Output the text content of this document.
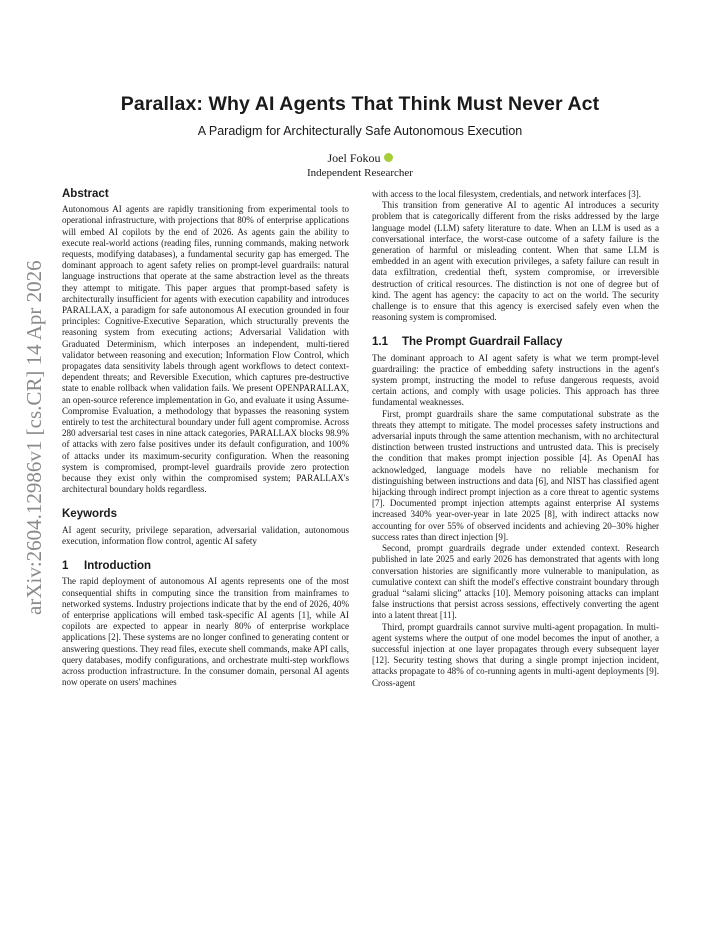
arXiv:2604.12986v1 [cs.CR] 14 Apr 2026
Parallax: Why AI Agents That Think Must Never Act
A Paradigm for Architecturally Safe Autonomous Execution
Joel Fokou
Independent Researcher
Abstract

Autonomous AI agents are rapidly transitioning from experimental tools to operational infrastructure, with projections that 80% of enterprise applications will embed AI copilots by the end of 2026. As agents gain the ability to execute real-world actions (reading files, running commands, making network requests, modifying databases), a fundamental security gap has emerged. The dominant approach to agent safety relies on prompt-level guardrails: natural language instructions that operate at the same abstraction level as the threats they attempt to mitigate. This paper argues that prompt-based safety is architecturally insufficient for agents with execution capability and introduces PARALLAX, a paradigm for safe autonomous AI execution grounded in four principles: Cognitive-Executive Separation, which structurally prevents the reasoning system from executing actions; Adversarial Validation with Graduated Determinism, which interposes an independent, multi-tiered validator between reasoning and execution; Information Flow Control, which propagates data sensitivity labels through agent workflows to detect context-dependent threats; and Reversible Execution, which captures pre-destructive state to enable rollback when validation fails. We present OPENPARALLAX, an open-source reference implementation in Go, and evaluate it using Assume-Compromise Evaluation, a methodology that bypasses the reasoning system entirely to test the architectural boundary under full agent compromise. Across 280 adversarial test cases in nine attack categories, PARALLAX blocks 98.9% of attacks with zero false positives under its default configuration, and 100% of attacks under its maximum-security configuration. When the reasoning system is compromised, prompt-level guardrails provide zero protection because they exist only within the compromised system; PARALLAX's architectural boundary holds regardless.

Keywords

AI agent security, privilege separation, adversarial validation, autonomous execution, information flow control, agentic AI safety

1 Introduction

The rapid deployment of autonomous AI agents represents one of the most consequential shifts in computing since the transition from mainframes to networked systems. Industry projections indicate that by the end of 2026, 40% of enterprise applications will embed task-specific AI agents [1], while AI copilots are expected to appear in nearly 80% of enterprise workplace applications [2]. These systems are no longer confined to generating content or answering questions. They read files, execute shell commands, make API calls, query databases, modify configurations, and orchestrate multi-step workflows across production infrastructure. In the consumer domain, personal AI agents now operate on users' machines

with access to the local filesystem, credentials, and network interfaces [3].

This transition from generative AI to agentic AI introduces a security problem that is categorically different from the risks addressed by the large language model (LLM) safety literature to date. When an LLM is used as a conversational interface, the worst-case outcome of a safety failure is the generation of harmful or misleading content. When that same LLM is embedded in an agent with execution privileges, a safety failure can result in data exfiltration, credential theft, system compromise, or irreversible destruction of critical resources. The distinction is not one of degree but of kind. The agent has agency: the capacity to act on the world. The security challenge is to ensure that this agency is exercised safely even when the reasoning system is compromised.

1.1 The Prompt Guardrail Fallacy

The dominant approach to AI agent safety is what we term prompt-level guardrailing: the practice of embedding safety instructions in the agent's system prompt, instructing the model to refuse dangerous requests, avoid certain actions, and comply with usage policies. This approach has three fundamental weaknesses.

First, prompt guardrails share the same computational substrate as the threats they attempt to mitigate. The model processes safety instructions and adversarial inputs through the same attention mechanism, with no architectural distinction between trusted instructions and untrusted data. This is precisely the condition that makes prompt injection possible [4]. As OpenAI has acknowledged, language models have no reliable mechanism for distinguishing between instructions and data [6], and NIST has classified agent hijacking through indirect prompt injection as a core threat to agentic systems [7]. Documented prompt injection attempts against enterprise AI systems increased 340% year-over-year in late 2025 [8], with indirect attacks now accounting for over 55% of observed incidents and achieving 20–30% higher success rates than direct injection [9].

Second, prompt guardrails degrade under extended context. Research published in late 2025 and early 2026 has demonstrated that agents with long conversation histories are significantly more vulnerable to manipulation, as cumulative context can shift the model's effective constraint boundary through gradual “salami slicing” attacks [10]. Memory poisoning attacks can implant false instructions that persist across sessions, effectively converting the agent into a latent threat [11].

Third, prompt guardrails cannot survive multi-agent propagation. In multi-agent systems where the output of one model becomes the input of another, a successful injection at one layer propagates through every subsequent layer [12]. Security testing shows that during a single prompt injection incident, attacks propagate to 48% of co-running agents in multi-agent deployments [9]. Cross-agent
